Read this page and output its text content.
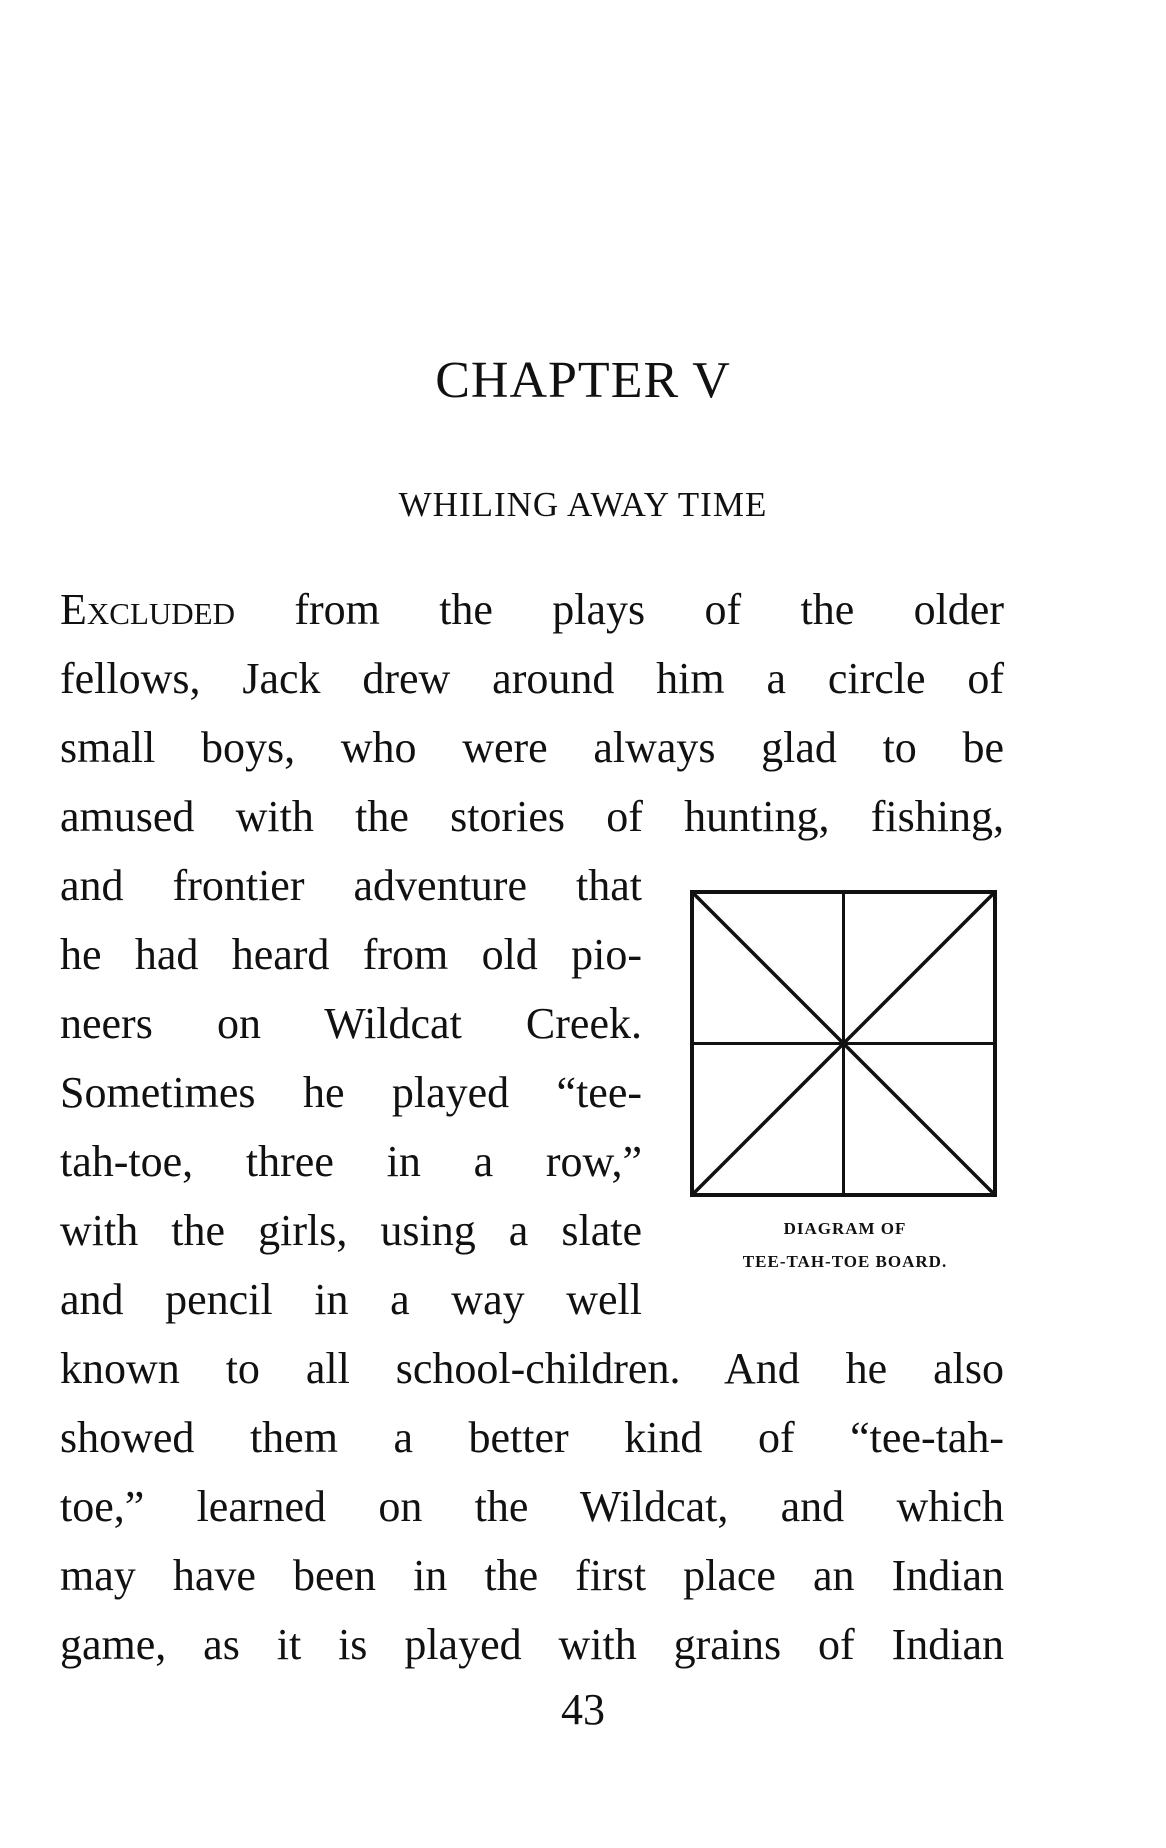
CHAPTER V
WHILING AWAY TIME
Excluded from the plays of the older
fellows, Jack drew around him a circle of
small boys, who were always glad to be
amused with the stories of hunting, fishing,
and frontier adventure that
he had heard from old pio-
neers on Wildcat Creek.
Sometimes he played “tee-
tah-toe, three in a row,”
with the girls, using a slate
and pencil in a way well
known to all school-children. And he also
showed them a better kind of “tee-tah-
toe,” learned on the Wildcat, and which
may have been in the first place an Indian
game, as it is played with grains of Indian
DIAGRAM OF
TEE-TAH-TOE BOARD.
43
